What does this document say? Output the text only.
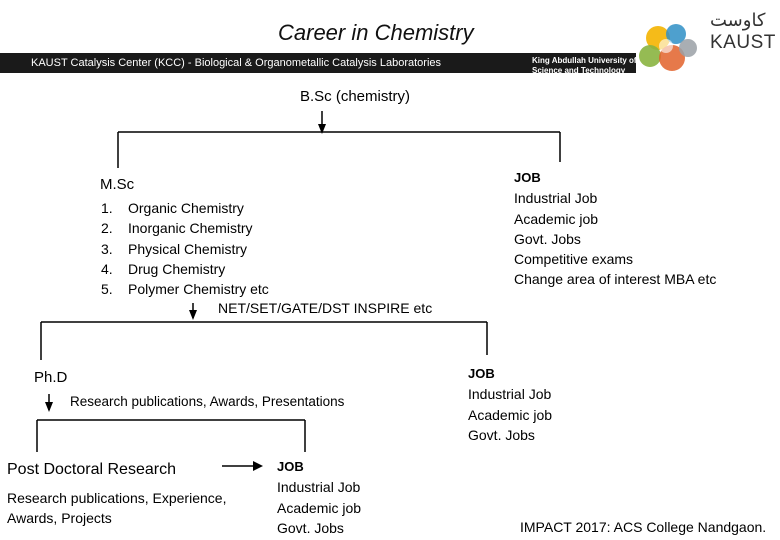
Career in Chemistry
KAUST Catalysis Center (KCC) - Biological & Organometallic Catalysis Laboratories	King Abdullah University of
Science and Technology
كاوست
KAUST
B.Sc (chemistry)
M.Sc
1.	Organic Chemistry
2.	Inorganic Chemistry
3.	Physical Chemistry
4.	Drug Chemistry
5.	Polymer Chemistry etc
NET/SET/GATE/DST INSPIRE etc
JOB
Industrial Job
Academic job
Govt. Jobs
Competitive exams
Change area of interest MBA etc
Ph.D
Research publications, Awards, Presentations
JOB
Industrial Job
Academic job
Govt. Jobs
Post Doctoral Research
Research publications, Experience,
Awards, Projects
JOB
Industrial Job
Academic job
Govt. Jobs	IMPACT 2017: ACS College Nandgaon.
